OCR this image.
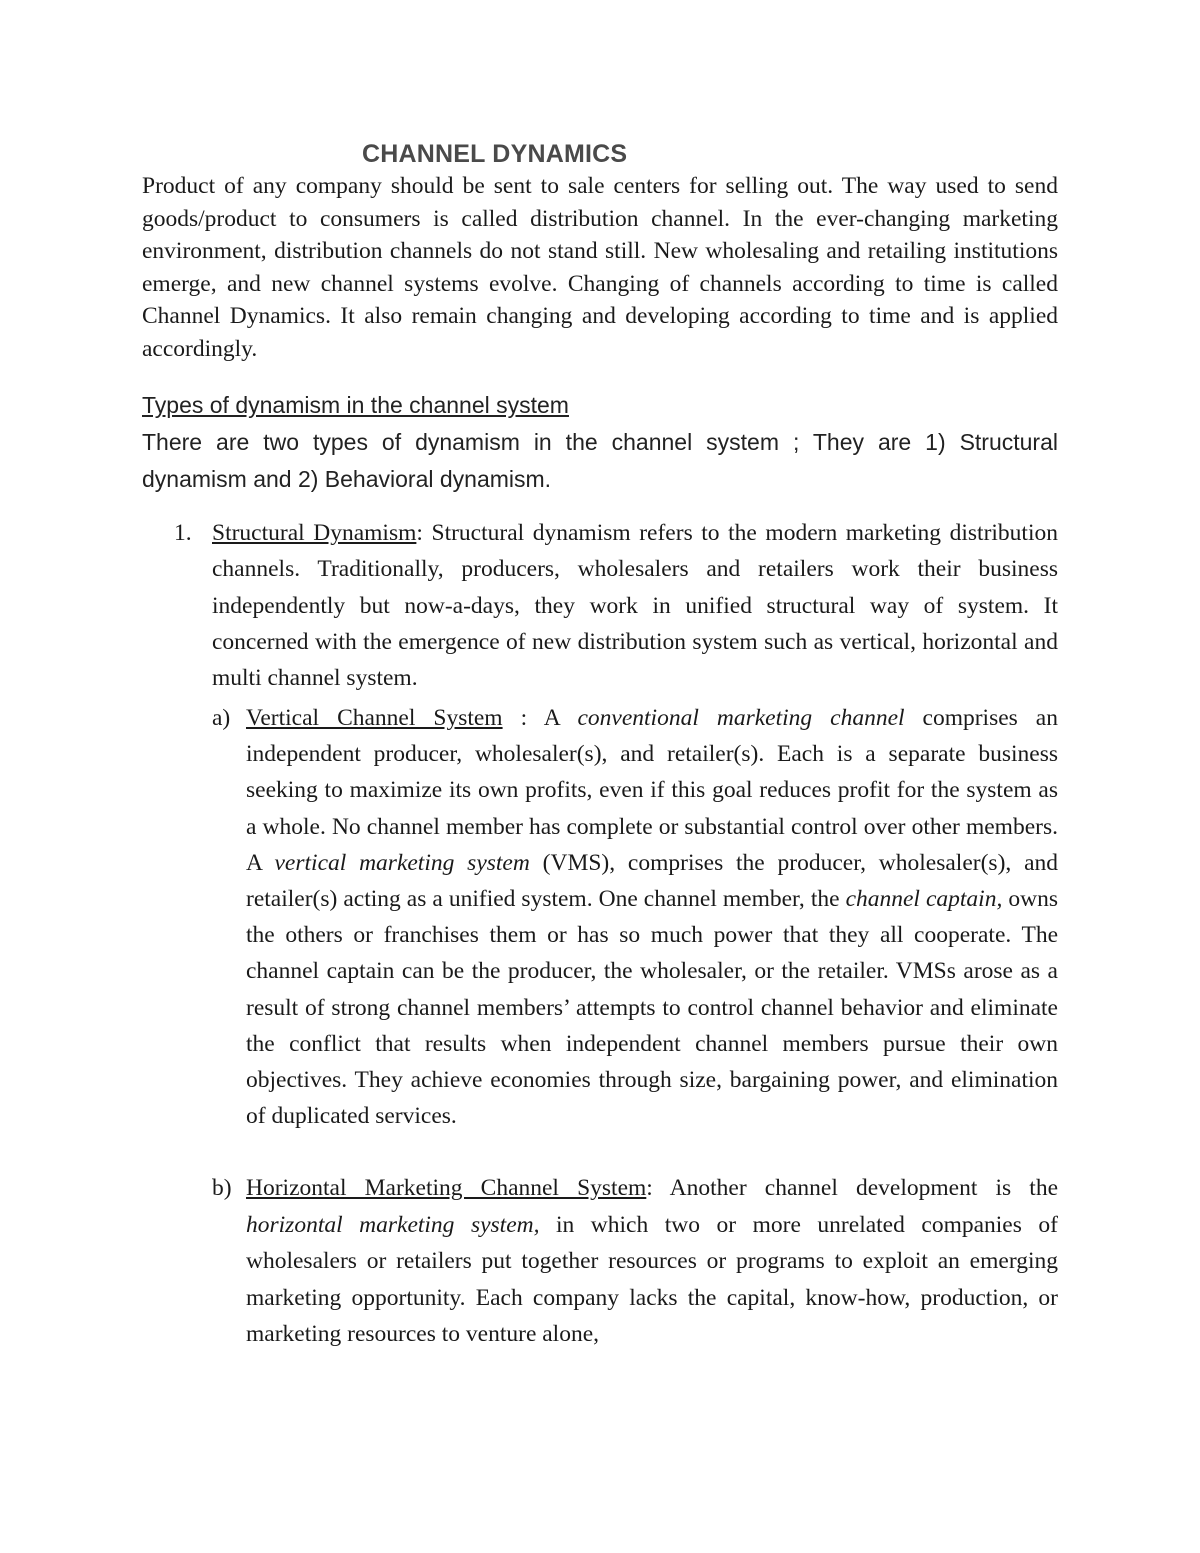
CHANNEL DYNAMICS

Product of any company should be sent to sale centers for selling out. The way used to send goods/product to consumers is called distribution channel. In the ever-changing marketing environment, distribution channels do not stand still. New wholesaling and retailing institutions emerge, and new channel systems evolve. Changing of channels according to time is called Channel Dynamics. It also remain changing and developing according to time and is applied accordingly.

Types of dynamism in the channel system

There are two types of dynamism in the channel system ; They are 1) Structural dynamism and 2) Behavioral dynamism.

1. Structural Dynamism: Structural dynamism refers to the modern marketing distribution channels. Traditionally, producers, wholesalers and retailers work their business independently but now-a-days, they work in unified structural way of system. It concerned with the emergence of new distribution system such as vertical, horizontal and multi channel system.

a) Vertical Channel System : A conventional marketing channel comprises an independent producer, wholesaler(s), and retailer(s). Each is a separate business seeking to maximize its own profits, even if this goal reduces profit for the system as a whole. No channel member has complete or substantial control over other members. A vertical marketing system (VMS), comprises the producer, wholesaler(s), and retailer(s) acting as a unified system. One channel member, the channel captain, owns the others or franchises them or has so much power that they all cooperate. The channel captain can be the producer, the wholesaler, or the retailer. VMSs arose as a result of strong channel members’ attempts to control channel behavior and eliminate the conflict that results when independent channel members pursue their own objectives. They achieve economies through size, bargaining power, and elimination of duplicated services.

b) Horizontal Marketing Channel System: Another channel development is the horizontal marketing system, in which two or more unrelated companies of wholesalers or retailers put together resources or programs to exploit an emerging marketing opportunity. Each company lacks the capital, know-how, production, or marketing resources to venture alone,
